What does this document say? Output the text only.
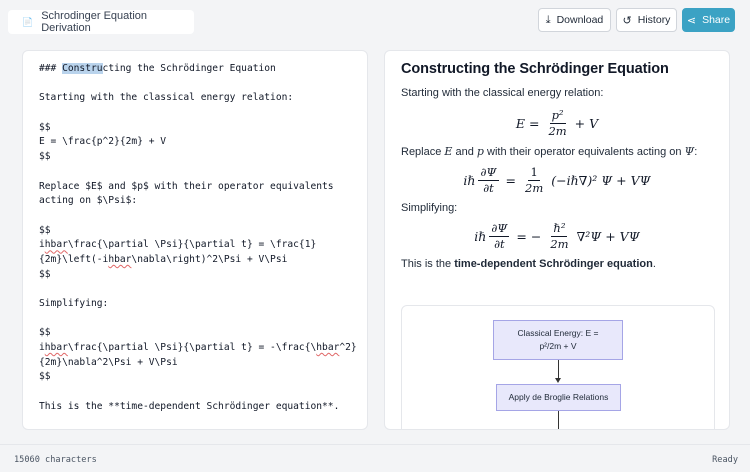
📄 Schrodinger Equation Derivation
⤓ Download ↺ History ⋖ Share
### Constructing the Schrödinger Equation
Starting with the classical energy relation:
$$
E = \frac{p^2}{2m} + V
$$
Replace $E$ and $p$ with their operator equivalents
acting on $\Psi$:
$$
ihbar\frac{\partial \Psi}{\partial t} = \frac{1}
{2m}\left(-ihbar\nabla\right)^2\Psi + V\Psi
$$
Simplifying:
$$
ihbar\frac{\partial \Psi}{\partial t} = -\frac{\hbar^2}
{2m}\nabla^2\Psi + V\Psi
$$
This is the **time-dependent Schrödinger equation**.
Constructing the Schrödinger Equation
Starting with the classical energy relation:
$E = \frac{\text{p²}}{2m} + V$
Replace E and p with their operator equivalents acting on Ψ:
iℏ $\frac{\partial\Psi}{\partial t} = \frac{1}{2m}$ (−iℏ∇)² Ψ + VΨ
Simplifying:
iℏ $\frac{\partial\Psi}{\partial t}$ = − $\frac{\text{ℏ²}}{2m} \nabla^2\Psi + V\Psi$
This is the time-dependent Schrödinger equation.
Classical Energy: E =
p²/2m + V
Apply de Broglie Relations
15060 characters	Ready
